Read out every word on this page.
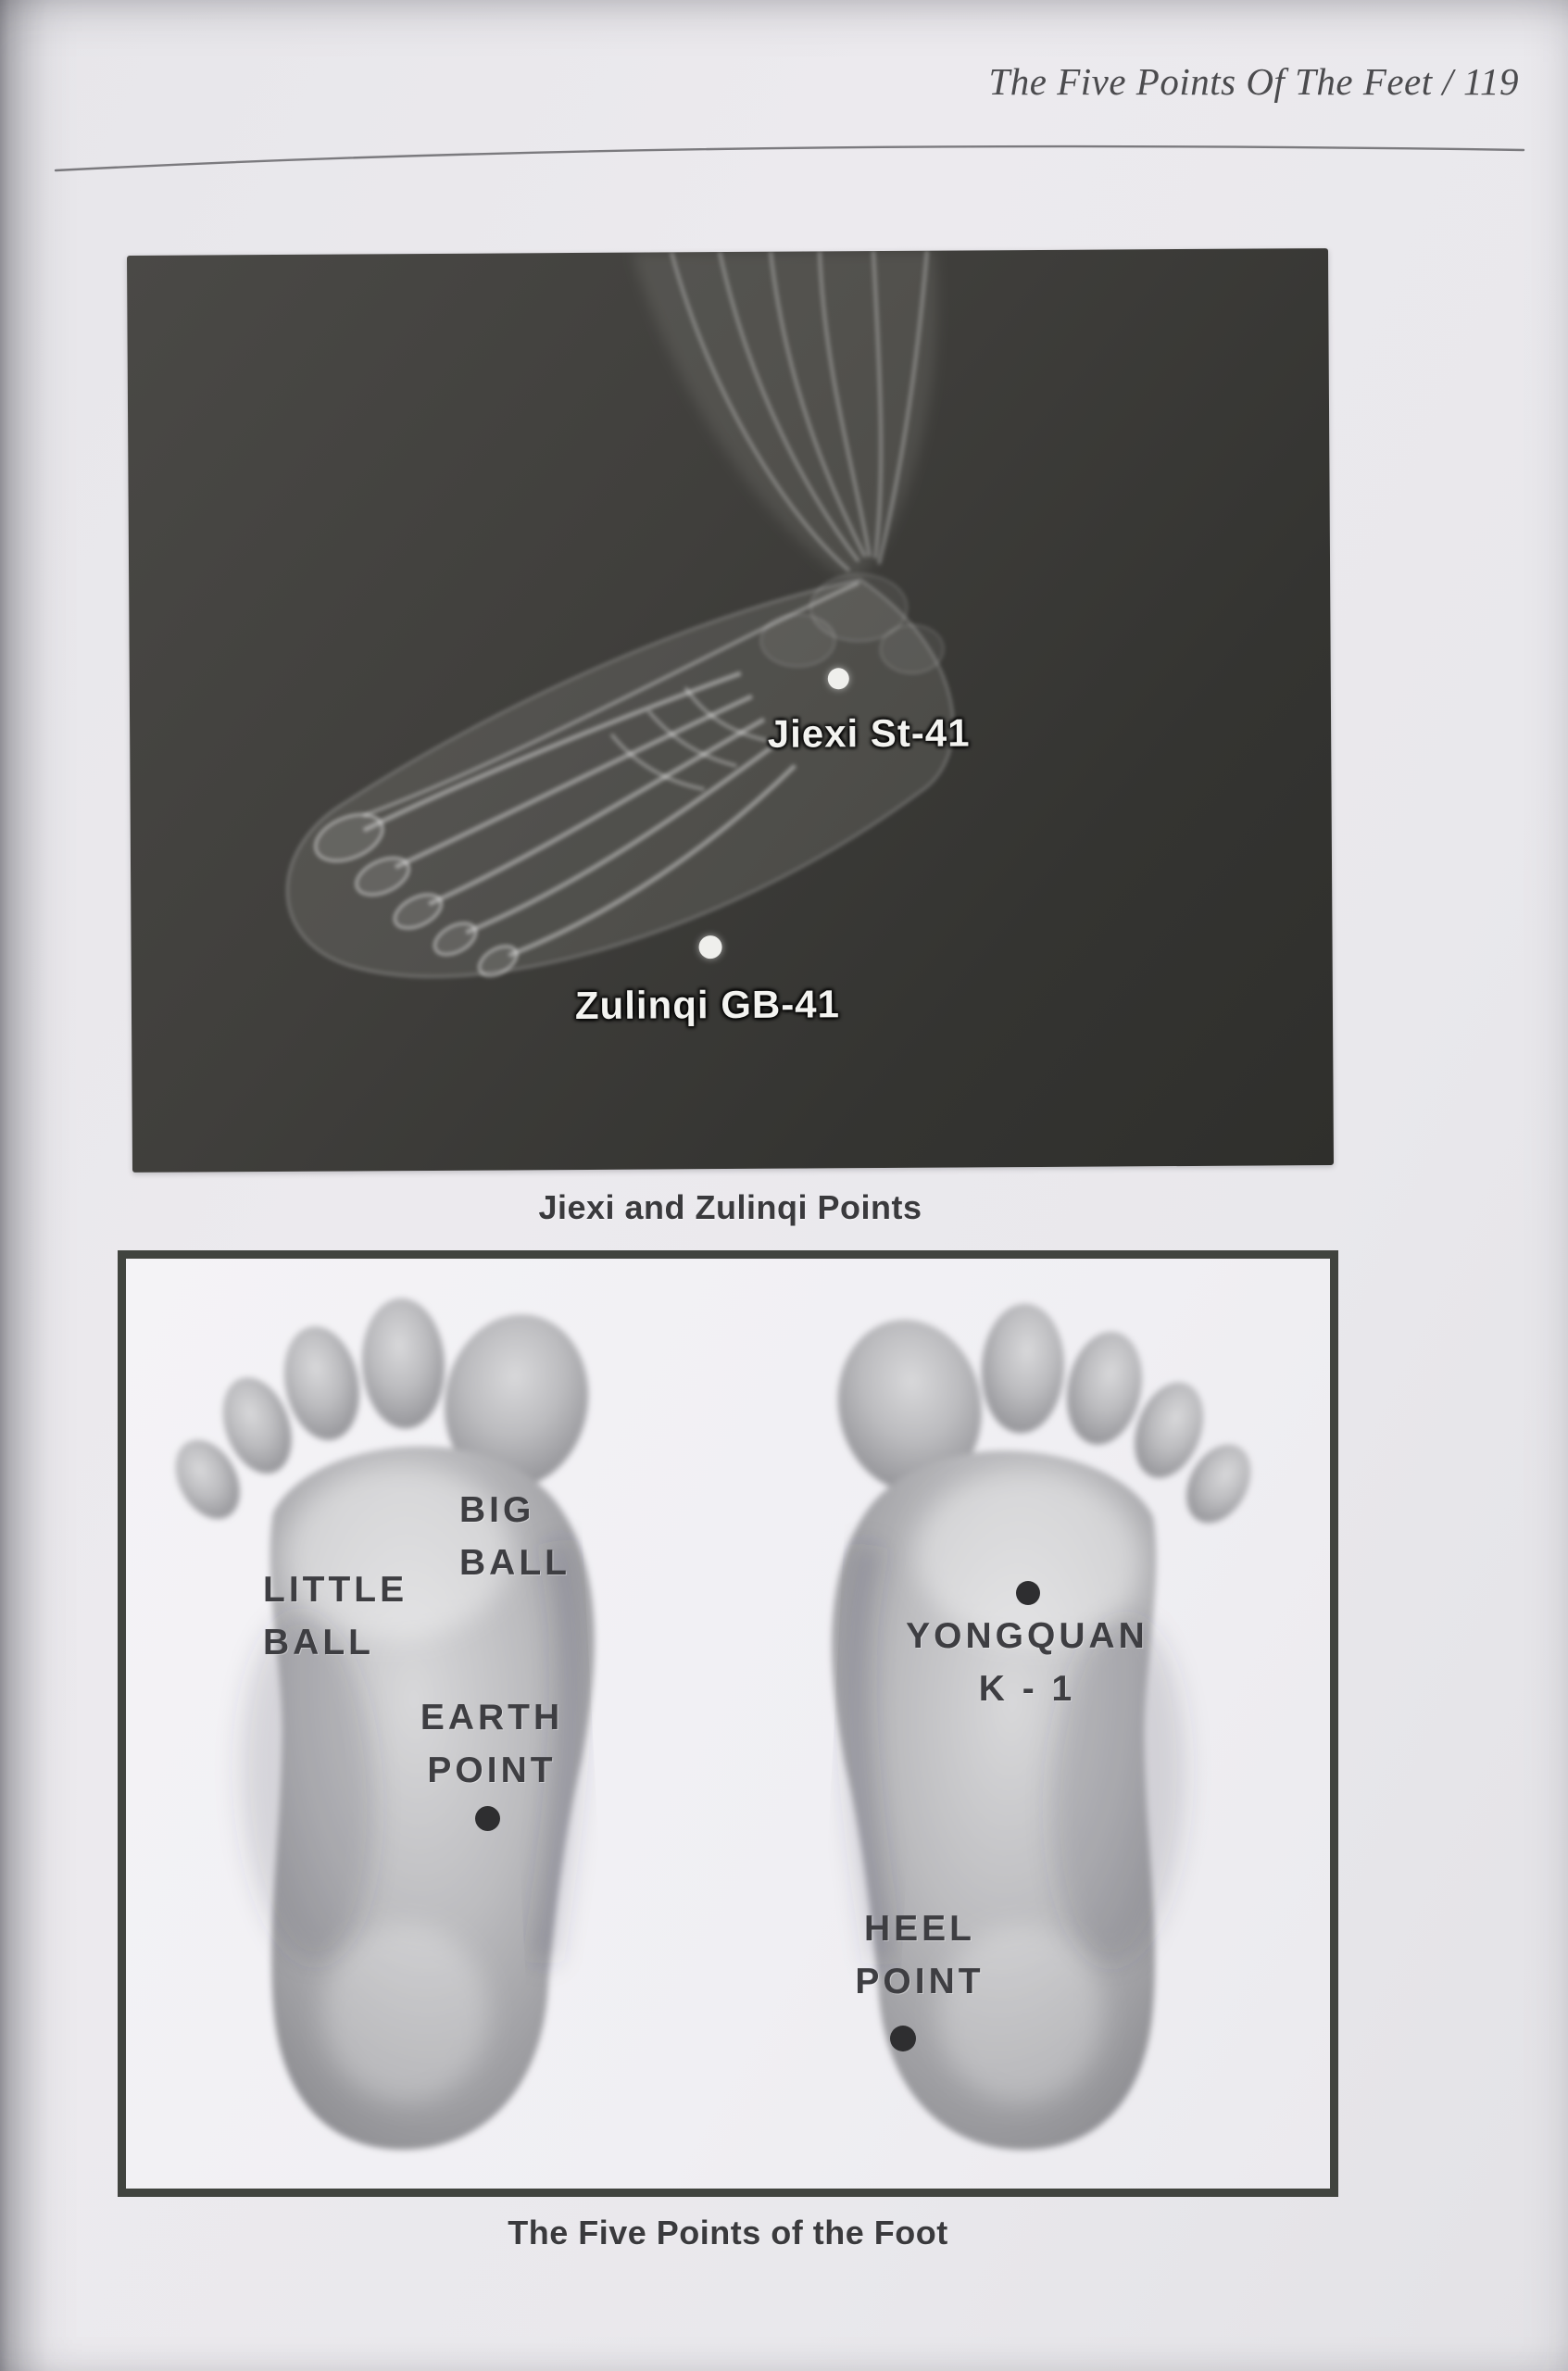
The Five Points Of The Feet / 119
Jiexi St-41
Zulinqi GB-41
Jiexi and Zulinqi Points
BIG
BALL
LITTLE
BALL
EARTH
POINT
YONGQUAN
K - 1
HEEL
POINT
The Five Points of the Foot
